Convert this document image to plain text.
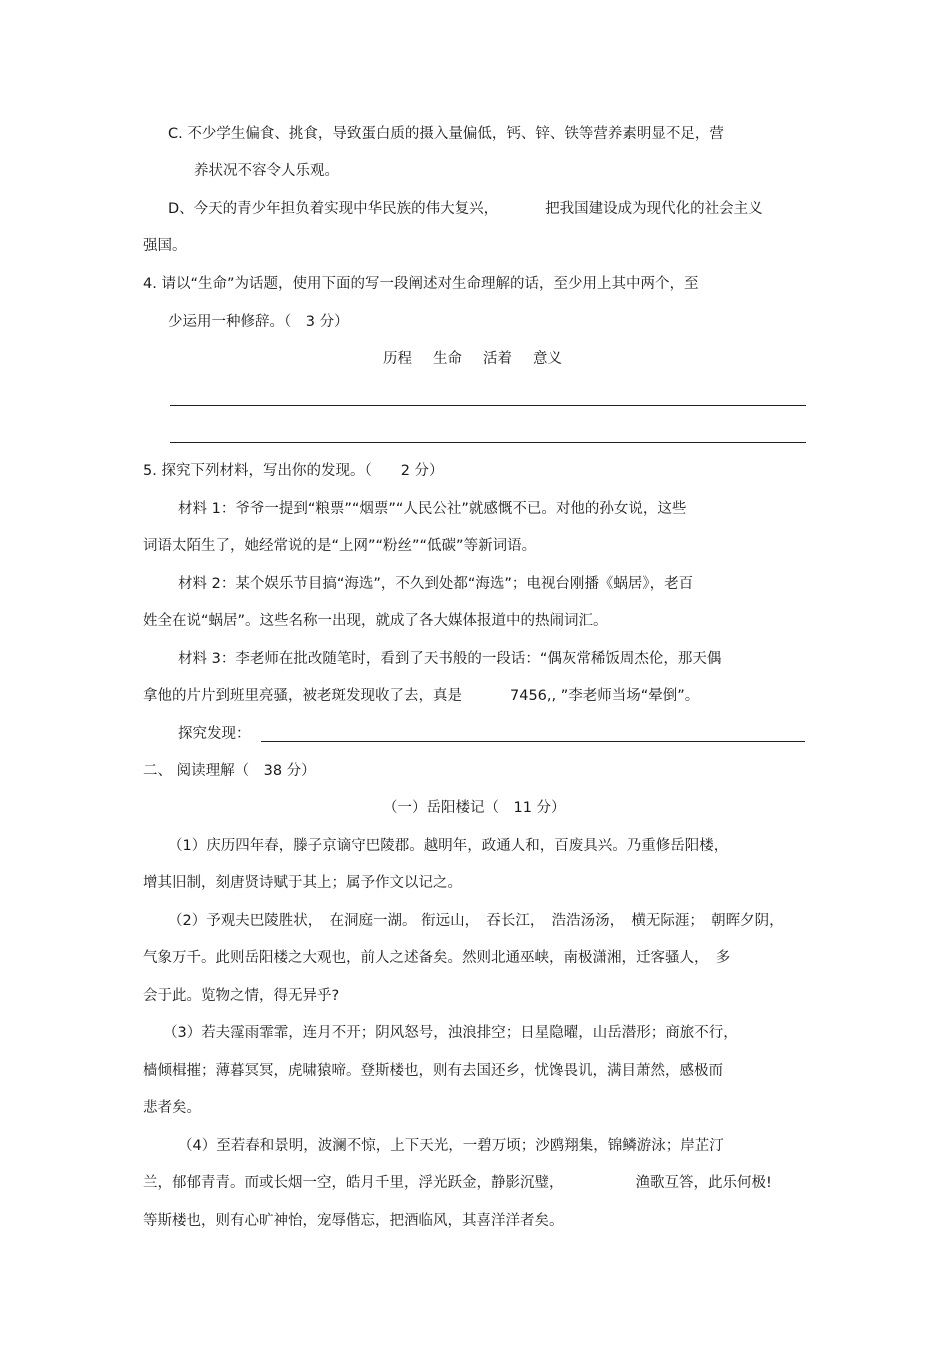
C. 不少学生偏食、挑食，导致蛋白质的摄入量偏低，钙、锌、铁等营养素明显不足，营
养状况不容令人乐观。
D、今天的青少年担负着实现中华民族的伟大复兴，	把我国建设成为现代化的社会主义
强国。
4. 请以“生命”为话题，使用下面的写一段阐述对生命理解的话，至少用上其中两个，至
少运用一种修辞。（　3 分）
历程 生命 活着 意义
5. 探究下列材料，写出你的发现。（　　2 分）
材料 1：爷爷一提到“粮票”“烟票”“人民公社”就感慨不已。对他的孙女说，这些
词语太陌生了，她经常说的是“上网”“粉丝”“低碳”等新词语。
材料 2：某个娱乐节目搞“海选”，不久到处都“海选”；电视台刚播《蜗居》，老百
姓全在说“蜗居”。这些名称一出现，就成了各大媒体报道中的热闹词汇。
材料 3：李老师在批改随笔时，看到了天书般的一段话：“偶灰常稀饭周杰伦，那天偶
拿他的片片到班里亮骚，被老斑发现收了去，真是	7456,, ”李老师当场“晕倒”。
探究发现：
二、 阅读理解（　38 分）
（一）岳阳楼记（　11 分）
（1）庆历四年春，滕子京谪守巴陵郡。越明年，政通人和，百废具兴。乃重修岳阳楼，
增其旧制，刻唐贤诗赋于其上；属予作文以记之。
（2）予观夫巴陵胜状，　在洞庭一湖。 衔远山，　吞长江，　浩浩汤汤，　横无际涯；　朝晖夕阴，
气象万千。此则岳阳楼之大观也，前人之述备矣。然则北通巫峡，南极潇湘，迁客骚人，　多
会于此。览物之情，得无异乎?
（3）若夫霪雨霏霏，连月不开；阴风怒号，浊浪排空；日星隐曜，山岳潜形；商旅不行，
樯倾楫摧；薄暮冥冥，虎啸猿啼。登斯楼也，则有去国还乡，忧馋畏讥，满目萧然，感极而
悲者矣。
（4）至若春和景明，波澜不惊，上下天光，一碧万顷；沙鸥翔集，锦鳞游泳；岸芷汀
兰，郁郁青青。而或长烟一空，皓月千里，浮光跃金，静影沉璧，	渔歌互答，此乐何极!
等斯楼也，则有心旷神怡，宠辱偕忘，把酒临风，其喜洋洋者矣。
